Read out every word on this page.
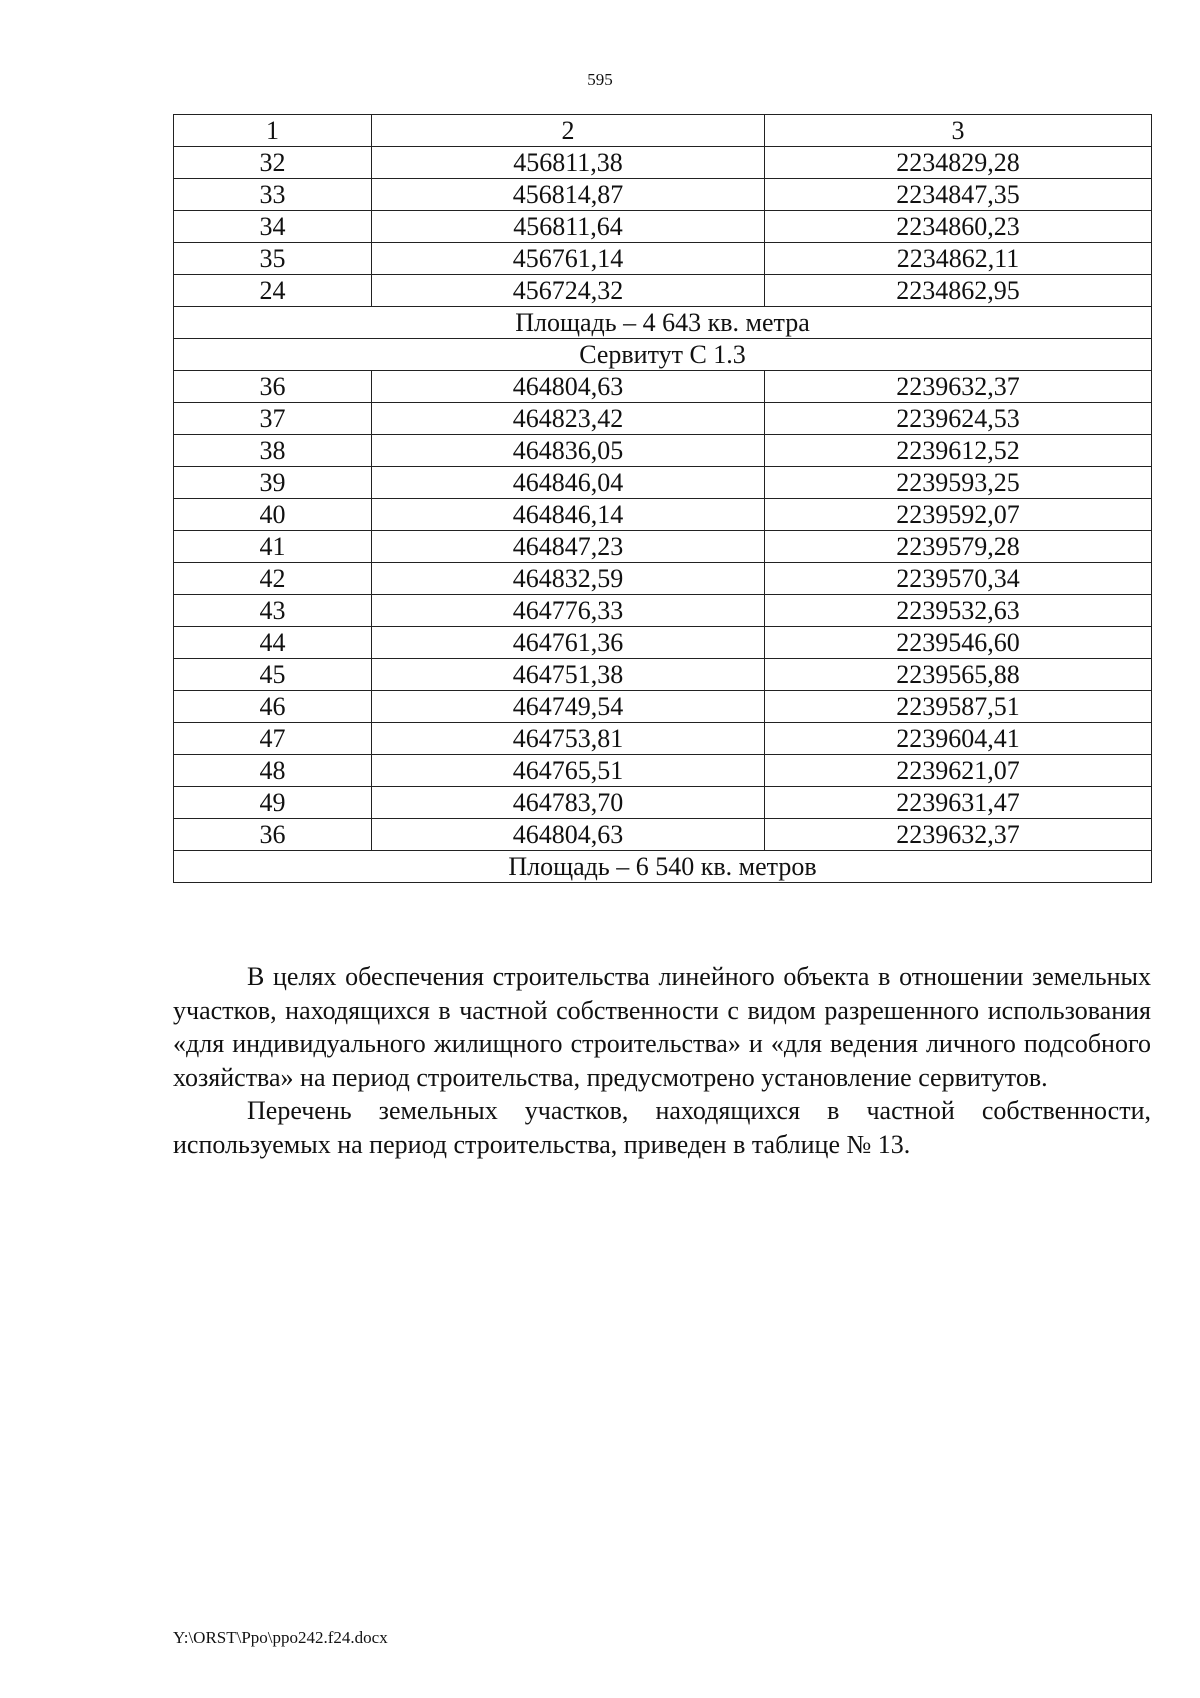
595
1	2	3
32	456811,38	2234829,28
33	456814,87	2234847,35
34	456811,64	2234860,23
35	456761,14	2234862,11
24	456724,32	2234862,95
Площадь – 4 643 кв. метра		
Сервитут С 1.3		
36	464804,63	2239632,37
37	464823,42	2239624,53
38	464836,05	2239612,52
39	464846,04	2239593,25
40	464846,14	2239592,07
41	464847,23	2239579,28
42	464832,59	2239570,34
43	464776,33	2239532,63
44	464761,36	2239546,60
45	464751,38	2239565,88
46	464749,54	2239587,51
47	464753,81	2239604,41
48	464765,51	2239621,07
49	464783,70	2239631,47
36	464804,63	2239632,37
Площадь – 6 540 кв. метров		

В целях обеспечения строительства линейного объекта в отношении земельных участков, находящихся в частной собственности с видом разрешенного использования «для индивидуального жилищного строительства» и «для ведения личного подсобного хозяйства» на период строительства, предусмотрено установление сервитутов.

Перечень земельных участков, находящихся в частной собственности, используемых на период строительства, приведен в таблице № 13.

Y:\ORST\Ppo\ppo242.f24.docx
